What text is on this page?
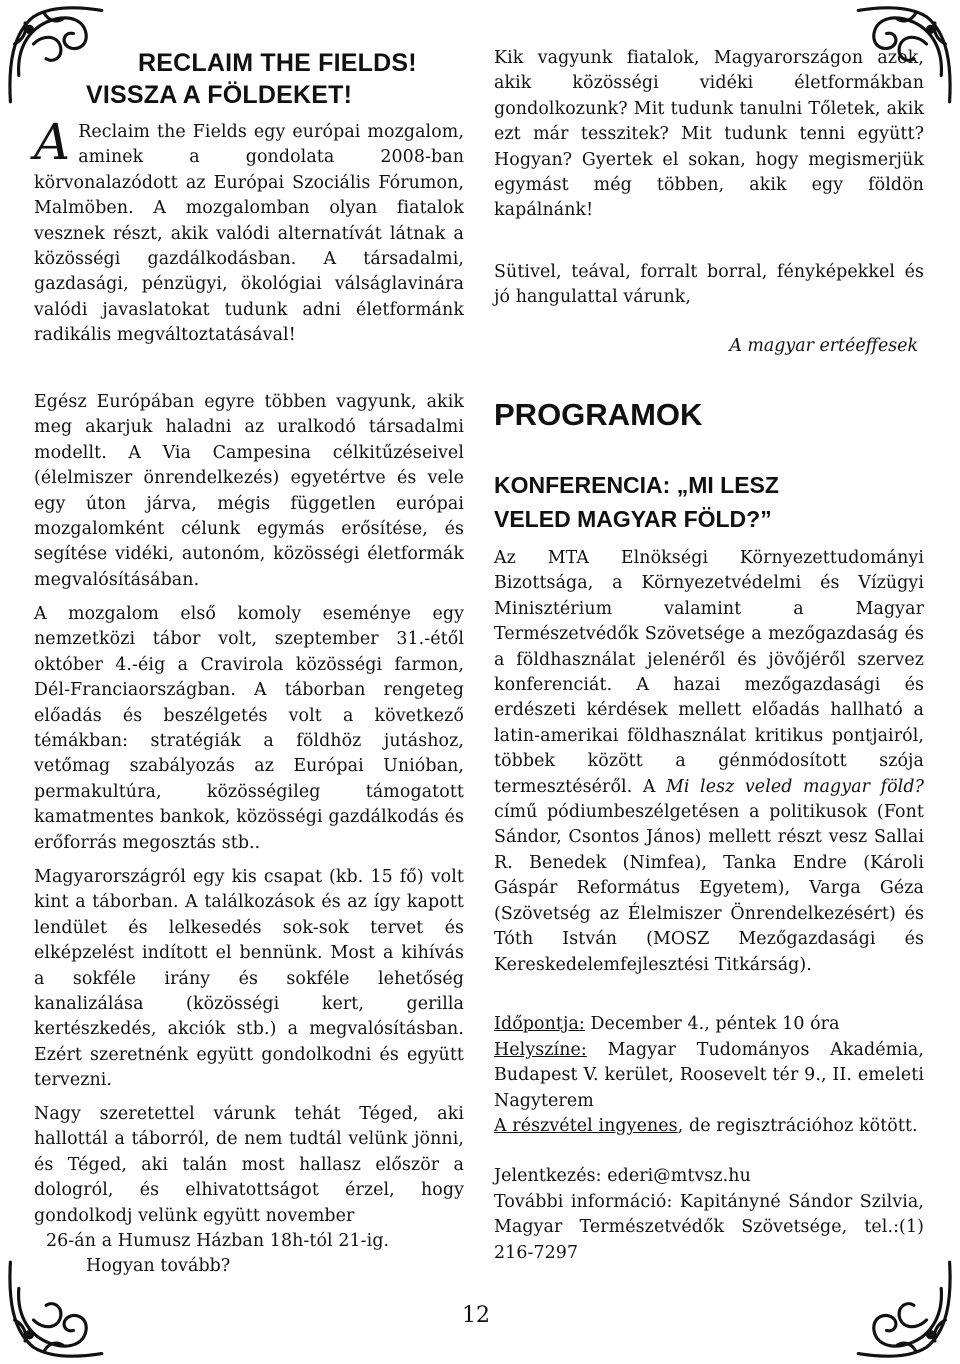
RECLAIM THE FIELDS!
VISSZA A FÖLDEKET!

A Reclaim the Fields egy európai mozgalom, aminek a gondolata 2008-ban körvonalazódott az Európai Szociális Fórumon, Malmöben. A mozgalomban olyan fiatalok vesznek részt, akik valódi alternatívát látnak a közösségi gazdálkodásban. A társadalmi, gazdasági, pénzügyi, ökológiai válságlavinára valódi javaslatokat tudunk adni életformánk radikális megváltoztatásával!

Egész Európában egyre többen vagyunk, akik meg akarjuk haladni az uralkodó társadalmi modellt. A Via Campesina célkitűzéseivel (élelmiszer önrendelkezés) egyetértve és vele egy úton járva, mégis független európai mozgalomként célunk egymás erősítése, és segítése vidéki, autonóm, közösségi életformák megvalósításában.

A mozgalom első komoly eseménye egy nemzetközi tábor volt, szeptember 31.-étől október 4.-éig a Cravirola közösségi farmon, Dél-Franciaországban. A táborban rengeteg előadás és beszélgetés volt a következő témákban: stratégiák a földhöz jutáshoz, vetőmag szabályozás az Európai Unióban, permakultúra, közösségileg támogatott kamatmentes bankok, közösségi gazdálkodás és erőforrás megosztás stb..

Magyarországról egy kis csapat (kb. 15 fő) volt kint a táborban. A találkozások és az így kapott lendület és lelkesedés sok-sok tervet és elképzelést indított el bennünk. Most a kihívás a sokféle irány és sokféle lehetőség kanalizálása (közösségi kert, gerilla kertészkedés, akciók stb.) a megvalósításban. Ezért szeretnénk együtt gondolkodni és együtt tervezni.

Nagy szeretettel várunk tehát Téged, aki hallottál a táborról, de nem tudtál velünk jönni, és Téged, aki talán most hallasz először a dologról, és elhivatottságot érzel, hogy gondolkodj velünk együtt november

26-án a Humusz Házban 18h-tól 21-ig.

Hogyan tovább?

Kik vagyunk fiatalok, Magyarországon azok, akik közösségi vidéki életformákban gondolkozunk? Mit tudunk tanulni Tőletek, akik ezt már tesszitek? Mit tudunk tenni együtt? Hogyan? Gyertek el sokan, hogy megismerjük egymást még többen, akik egy földön kapálnánk!

Sütivel, teával, forralt borral, fényképekkel és jó hangulattal várunk,

A magyar ertéeffesek

PROGRAMOK
KONFERENCIA: „MI LESZ
VELED MAGYAR FÖLD?”

Az MTA Elnökségi Környezettudományi Bizottsága, a Környezetvédelmi és Vízügyi Minisztérium valamint a Magyar Természetvédők Szövetsége a mezőgazdaság és a földhasználat jelenéről és jövőjéről szervez konferenciát. A hazai mezőgazdasági és erdészeti kérdések mellett előadás hallható a latin-amerikai földhasználat kritikus pontjairól, többek között a génmódosított szója termesztéséről. A Mi lesz veled magyar föld? című pódiumbeszélgetésen a politikusok (Font Sándor, Csontos János) mellett részt vesz Sallai R. Benedek (Nimfea), Tanka Endre (Károli Gáspár Református Egyetem), Varga Géza (Szövetség az Élelmiszer Önrendelkezésért) és Tóth István (MOSZ Mezőgazdasági és Kereskedelemfejlesztési Titkárság).

Időpontja: December 4., péntek 10 óra

Helyszíne: Magyar Tudományos Akadémia, Budapest V. kerület, Roosevelt tér 9., II. emeleti Nagyterem

A részvétel ingyenes, de regisztrációhoz kötött.

Jelentkezés: ederi@mtvsz.hu

További információ: Kapitányné Sándor Szilvia, Magyar Természetvédők Szövetsége, tel.:(1) 216-7297

12
